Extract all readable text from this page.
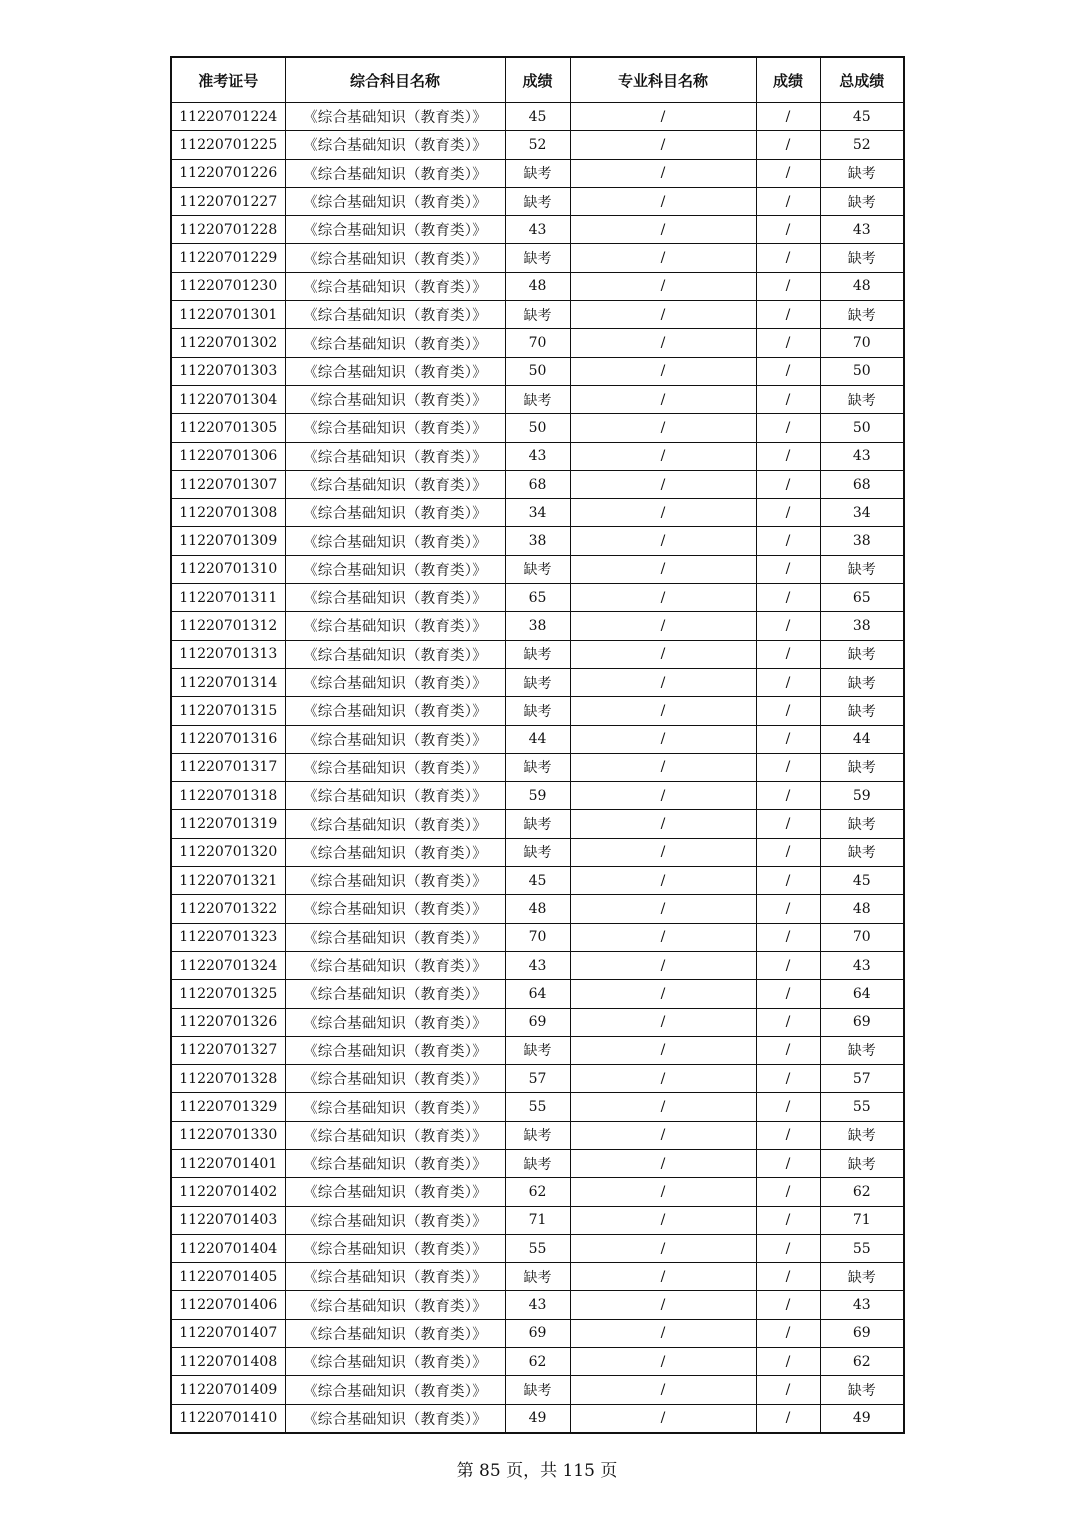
准考证号	综合科目名称	成绩	专业科目名称	成绩	总成绩
11220701224	《综合基础知识（教育类）》	45	/	/	45
11220701225	《综合基础知识（教育类）》	52	/	/	52
11220701226	《综合基础知识（教育类）》	缺考	/	/	缺考
11220701227	《综合基础知识（教育类）》	缺考	/	/	缺考
11220701228	《综合基础知识（教育类）》	43	/	/	43
11220701229	《综合基础知识（教育类）》	缺考	/	/	缺考
11220701230	《综合基础知识（教育类）》	48	/	/	48
11220701301	《综合基础知识（教育类）》	缺考	/	/	缺考
11220701302	《综合基础知识（教育类）》	70	/	/	70
11220701303	《综合基础知识（教育类）》	50	/	/	50
11220701304	《综合基础知识（教育类）》	缺考	/	/	缺考
11220701305	《综合基础知识（教育类）》	50	/	/	50
11220701306	《综合基础知识（教育类）》	43	/	/	43
11220701307	《综合基础知识（教育类）》	68	/	/	68
11220701308	《综合基础知识（教育类）》	34	/	/	34
11220701309	《综合基础知识（教育类）》	38	/	/	38
11220701310	《综合基础知识（教育类）》	缺考	/	/	缺考
11220701311	《综合基础知识（教育类）》	65	/	/	65
11220701312	《综合基础知识（教育类）》	38	/	/	38
11220701313	《综合基础知识（教育类）》	缺考	/	/	缺考
11220701314	《综合基础知识（教育类）》	缺考	/	/	缺考
11220701315	《综合基础知识（教育类）》	缺考	/	/	缺考
11220701316	《综合基础知识（教育类）》	44	/	/	44
11220701317	《综合基础知识（教育类）》	缺考	/	/	缺考
11220701318	《综合基础知识（教育类）》	59	/	/	59
11220701319	《综合基础知识（教育类）》	缺考	/	/	缺考
11220701320	《综合基础知识（教育类）》	缺考	/	/	缺考
11220701321	《综合基础知识（教育类）》	45	/	/	45
11220701322	《综合基础知识（教育类）》	48	/	/	48
11220701323	《综合基础知识（教育类）》	70	/	/	70
11220701324	《综合基础知识（教育类）》	43	/	/	43
11220701325	《综合基础知识（教育类）》	64	/	/	64
11220701326	《综合基础知识（教育类）》	69	/	/	69
11220701327	《综合基础知识（教育类）》	缺考	/	/	缺考
11220701328	《综合基础知识（教育类）》	57	/	/	57
11220701329	《综合基础知识（教育类）》	55	/	/	55
11220701330	《综合基础知识（教育类）》	缺考	/	/	缺考
11220701401	《综合基础知识（教育类）》	缺考	/	/	缺考
11220701402	《综合基础知识（教育类）》	62	/	/	62
11220701403	《综合基础知识（教育类）》	71	/	/	71
11220701404	《综合基础知识（教育类）》	55	/	/	55
11220701405	《综合基础知识（教育类）》	缺考	/	/	缺考
11220701406	《综合基础知识（教育类）》	43	/	/	43
11220701407	《综合基础知识（教育类）》	69	/	/	69
11220701408	《综合基础知识（教育类）》	62	/	/	62
11220701409	《综合基础知识（教育类）》	缺考	/	/	缺考
11220701410	《综合基础知识（教育类）》	49	/	/	49
第 85 页，共 115 页
